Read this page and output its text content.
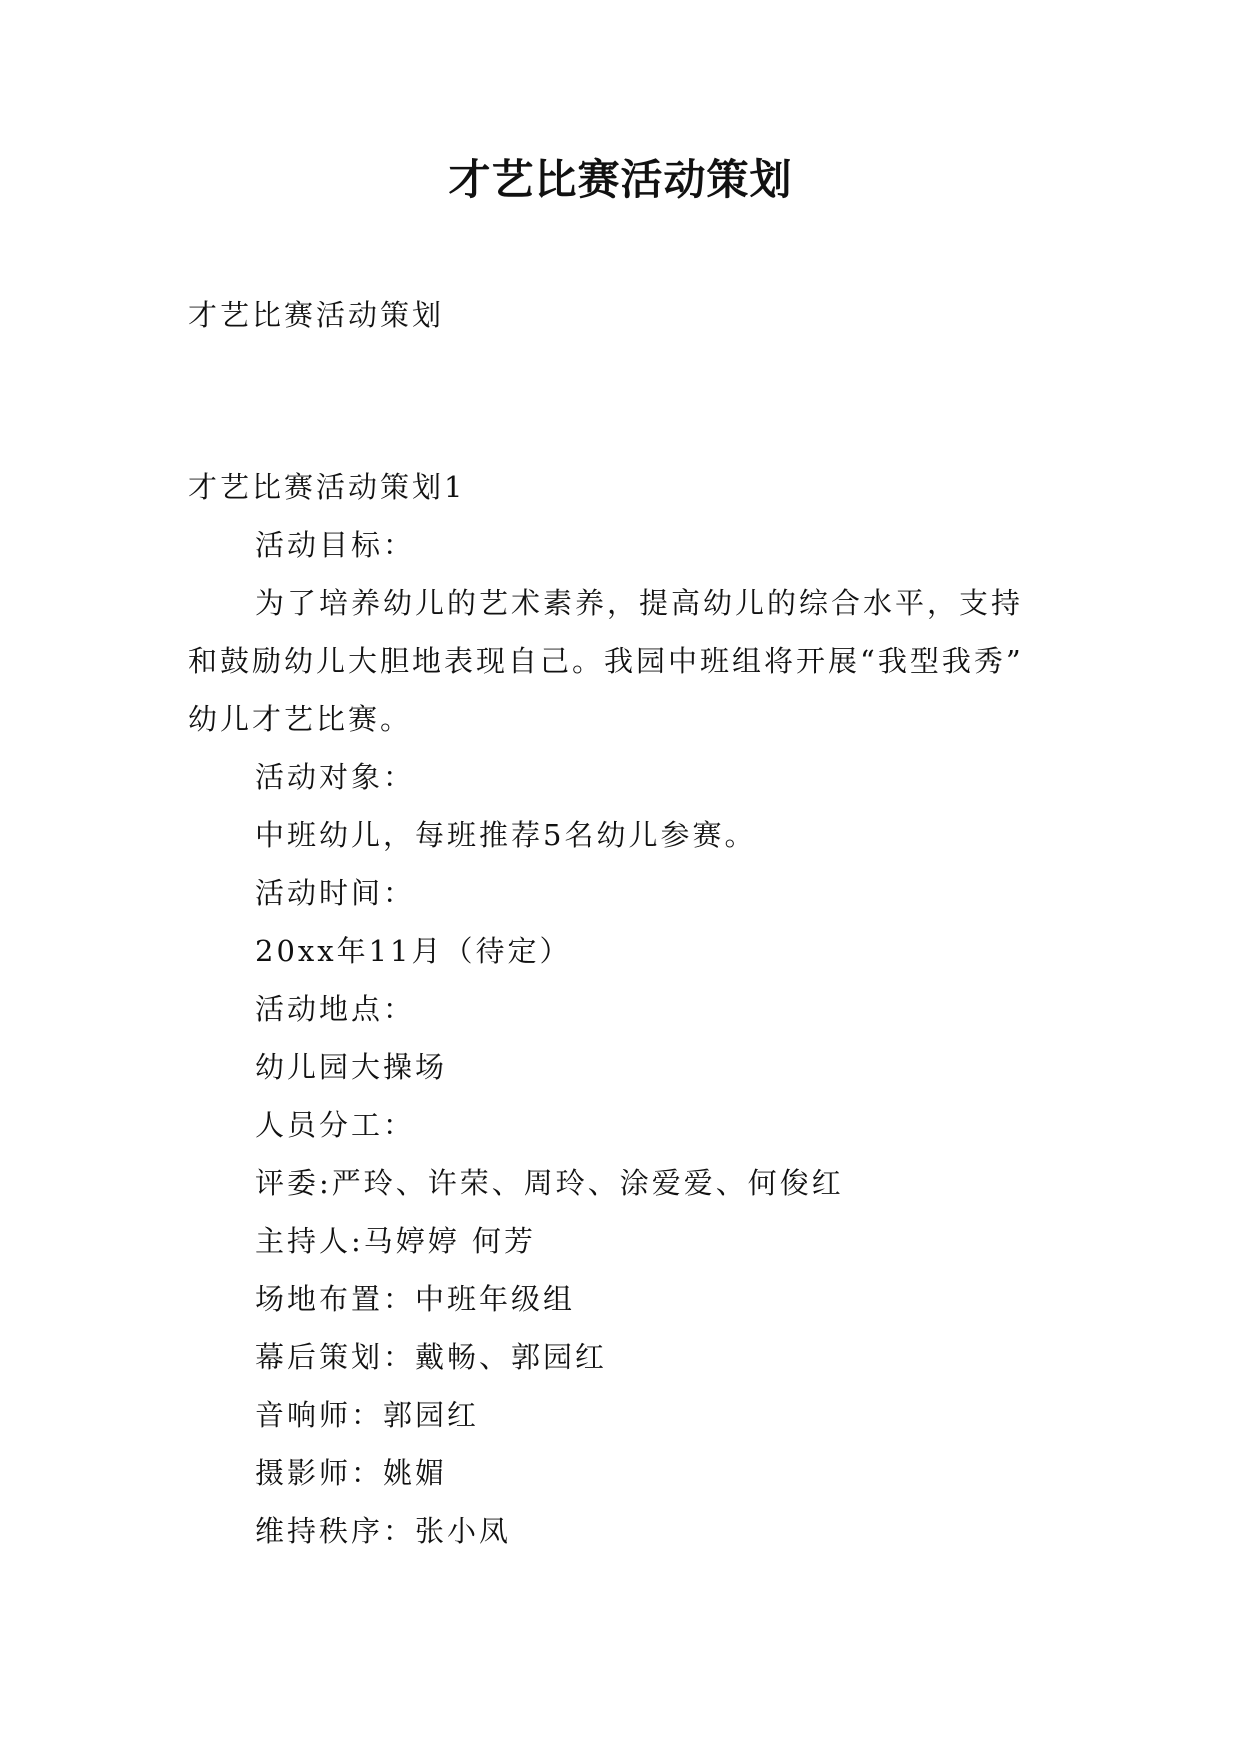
才艺比赛活动策划
才艺比赛活动策划
才艺比赛活动策划1
活动目标：
为了培养幼儿的艺术素养，提高幼儿的综合水平，支持
和鼓励幼儿大胆地表现自己。我园中班组将开展“我型我秀”
幼儿才艺比赛。
活动对象：
中班幼儿，每班推荐5名幼儿参赛。
活动时间：
20xx年11月（待定）
活动地点：
幼儿园大操场
人员分工：
评委:严玲、许荣、周玲、涂爱爱、何俊红
主持人:马婷婷 何芳
场地布置：中班年级组
幕后策划：戴畅、郭园红
音响师：郭园红
摄影师：姚媚
维持秩序：张小凤
